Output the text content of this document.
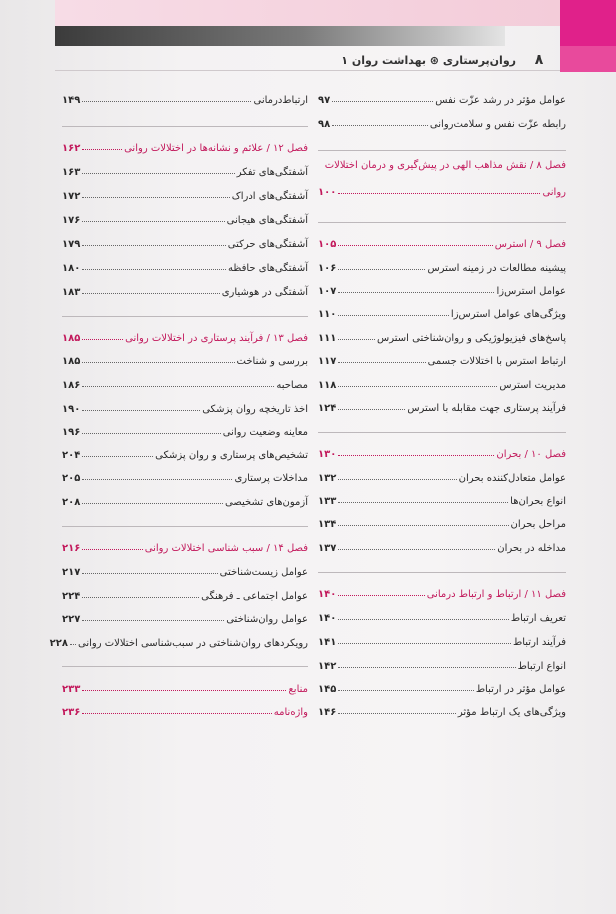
۸
روان‌پرستاری ⊛ بهداشت روان ۱
عوامل مؤثر در رشد عزّت نفس
۹۷
رابطه عزّت نفس و سلامت‌روانی
۹۸
فصل ۸ / نقش مذاهب الهی در پیش‌گیری و درمان اختلالات
روانی
۱۰۰
فصل ۹ / استرس
۱۰۵
پیشینه مطالعات در زمینه استرس
۱۰۶
عوامل استرس‌زا
۱۰۷
ویژگی‌های عوامل استرس‌زا
۱۱۰
پاسخ‌های فیزیولوژیکی و روان‌شناختی استرس
۱۱۱
ارتباط استرس با اختلالات جسمی
۱۱۷
مدیریت استرس
۱۱۸
فرآیند پرستاری جهت مقابله با استرس
۱۲۴
فصل ۱۰ / بحران
۱۳۰
عوامل متعادل‌کننده بحران
۱۳۲
انواع بحران‌ها
۱۳۳
مراحل بحران
۱۳۴
مداخله در بحران
۱۳۷
فصل ۱۱ / ارتباط و ارتباط درمانی
۱۴۰
تعریف ارتباط
۱۴۰
فرآیند ارتباط
۱۴۱
انواع ارتباط
۱۴۲
عوامل مؤثر در ارتباط
۱۴۵
ویژگی‌های یک ارتباط مؤثر
۱۴۶
ارتباط‌درمانی
۱۴۹
فصل ۱۲ / علائم و نشانه‌ها در اختلالات روانی
۱۶۲
آشفتگی‌های تفکر
۱۶۳
آشفتگی‌های ادراک
۱۷۲
آشفتگی‌های هیجانی
۱۷۶
آشفتگی‌های حرکتی
۱۷۹
آشفتگی‌های حافظه
۱۸۰
آشفتگی در هوشیاری
۱۸۳
فصل ۱۳ / فرآیند پرستاری در اختلالات روانی
۱۸۵
بررسی و شناخت
۱۸۵
مصاحبه
۱۸۶
اخذ تاریخچه روان پزشکی
۱۹۰
معاینه وضعیت روانی
۱۹۶
تشخیص‌های پرستاری و روان پزشکی
۲۰۴
مداخلات پرستاری
۲۰۵
آزمون‌های تشخیصی
۲۰۸
فصل ۱۴ / سبب شناسی اختلالات روانی
۲۱۶
عوامل زیست‌شناختی
۲۱۷
عوامل اجتماعی ـ فرهنگی
۲۲۴
عوامل روان‌شناختی
۲۲۷
رویکردهای روان‌شناختی در سبب‌شناسی اختلالات روانی
۲۲۸
منابع
۲۳۳
واژه‌نامه
۲۳۶
